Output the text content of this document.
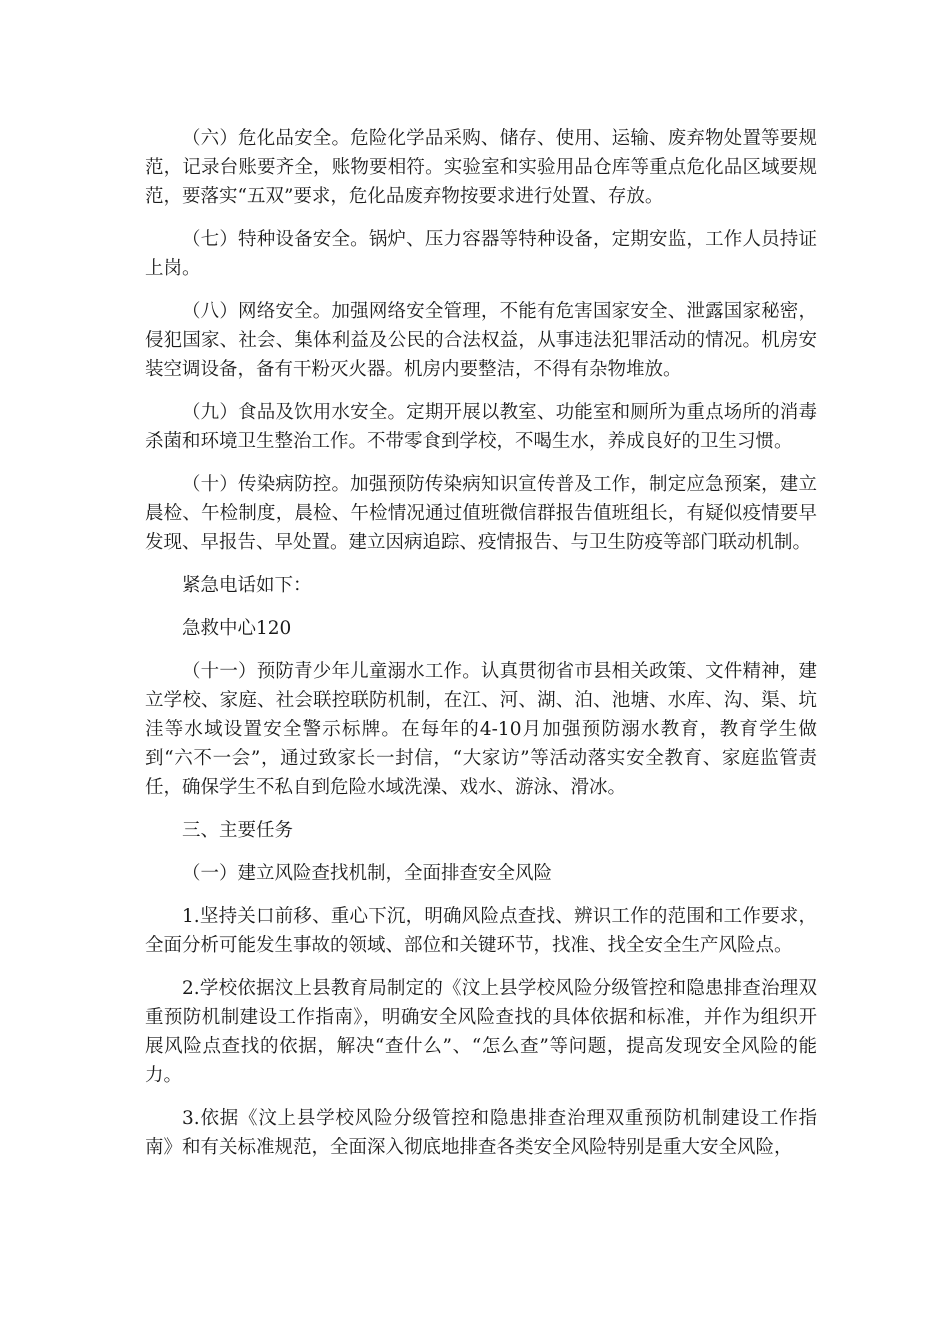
（六）危化品安全。危险化学品采购、储存、使用、运输、废弃物处置等要规范，记录台账要齐全，账物要相符。实验室和实验用品仓库等重点危化品区域要规范，要落实“五双”要求，危化品废弃物按要求进行处置、存放。

（七）特种设备安全。锅炉、压力容器等特种设备，定期安监，工作人员持证上岗。

（八）网络安全。加强网络安全管理，不能有危害国家安全、泄露国家秘密，侵犯国家、社会、集体利益及公民的合法权益，从事违法犯罪活动的情况。机房安装空调设备，备有干粉灭火器。机房内要整洁，不得有杂物堆放。

（九）食品及饮用水安全。定期开展以教室、功能室和厕所为重点场所的消毒杀菌和环境卫生整治工作。不带零食到学校，不喝生水，养成良好的卫生习惯。

（十）传染病防控。加强预防传染病知识宣传普及工作，制定应急预案，建立晨检、午检制度，晨检、午检情况通过值班微信群报告值班组长，有疑似疫情要早发现、早报告、早处置。建立因病追踪、疫情报告、与卫生防疫等部门联动机制。

紧急电话如下：

急救中心120

（十一）预防青少年儿童溺水工作。认真贯彻省市县相关政策、文件精神，建立学校、家庭、社会联控联防机制，在江、河、湖、泊、池塘、水库、沟、渠、坑洼等水域设置安全警示标牌。在每年的4-10月加强预防溺水教育，教育学生做到“六不一会”，通过致家长一封信，“大家访”等活动落实安全教育、家庭监管责任，确保学生不私自到危险水域洗澡、戏水、游泳、滑冰。

三、主要任务

（一）建立风险查找机制，全面排查安全风险

1.坚持关口前移、重心下沉，明确风险点查找、辨识工作的范围和工作要求，全面分析可能发生事故的领域、部位和关键环节，找准、找全安全生产风险点。

2.学校依据汶上县教育局制定的《汶上县学校风险分级管控和隐患排查治理双重预防机制建设工作指南》，明确安全风险查找的具体依据和标准，并作为组织开展风险点查找的依据，解决“查什么”、“怎么查”等问题，提高发现安全风险的能力。

3.依据《汶上县学校风险分级管控和隐患排查治理双重预防机制建设工作指南》和有关标准规范，全面深入彻底地排查各类安全风险特别是重大安全风险，
